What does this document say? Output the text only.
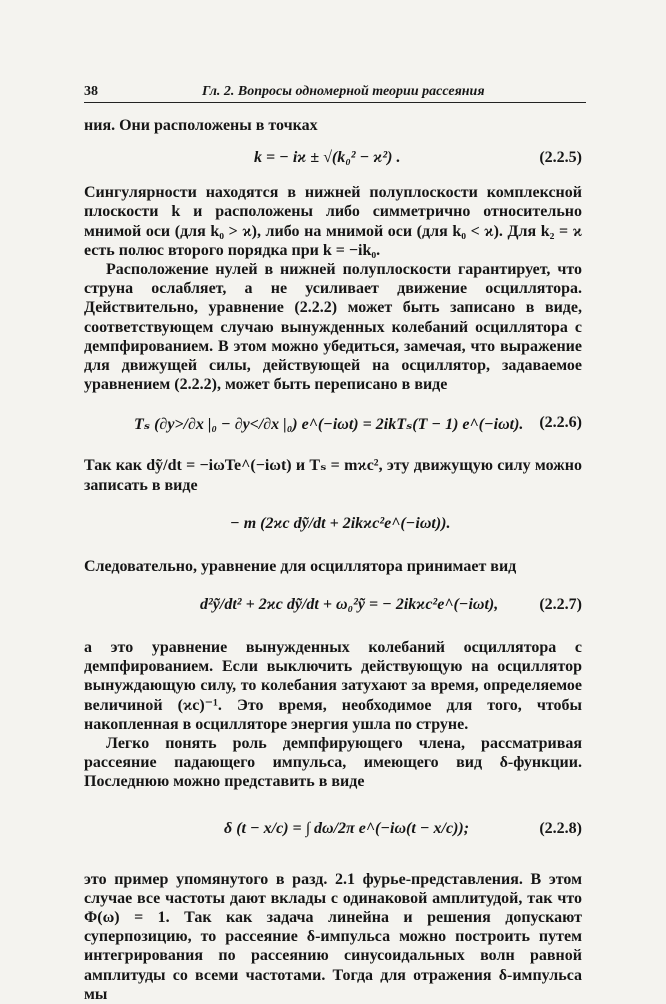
38	Гл. 2. Вопросы одномерной теории рассеяния

ния. Они расположены в точках

k = − iϰ ± √(k₀² − ϰ²) .	(2.2.5)

Сингулярности находятся в нижней полуплоскости комплексной плоскости k и расположены либо симметрично относительно мнимой оси (для k₀ > ϰ), либо на мнимой оси (для k₀ < ϰ). Для k₂ = ϰ есть полюс второго порядка при k = −ik₀.

Расположение нулей в нижней полуплоскости гарантирует, что струна ослабляет, а не усиливает движение осциллятора. Действительно, уравнение (2.2.2) может быть записано в виде, соответствующем случаю вынужденных колебаний осциллятора с демпфированием. В этом можно убедиться, замечая, что выражение для движущей силы, действующей на осциллятор, задаваемое уравнением (2.2.2), может быть переписано в виде

Tₛ (∂y>/∂x |₀ − ∂y</∂x |₀) e^(−iωt) = 2ikTₛ(T − 1) e^(−iωt). (2.2.6)

Так как dỹ/dt = −iωTe^(−iωt) и Tₛ = mϰc², эту движущую силу можно записать в виде

− m (2ϰc dỹ/dt + 2ikϰc²e^(−iωt)).

Следовательно, уравнение для осциллятора принимает вид

d²ỹ/dt² + 2ϰc dỹ/dt + ω₀²ỹ = − 2ikϰc²e^(−iωt),	(2.2.7)

а это уравнение вынужденных колебаний осциллятора с демпфированием. Если выключить действующую на осциллятор вынуждающую силу, то колебания затухают за время, определяемое величиной (ϰc)⁻¹. Это время, необходимое для того, чтобы накопленная в осцилляторе энергия ушла по струне.

Легко понять роль демпфирующего члена, рассматривая рассеяние падающего импульса, имеющего вид δ-функции. Последнюю можно представить в виде

δ (t − x/c) = ∫ dω/2π e^(−iω(t − x/c));	(2.2.8)

это пример упомянутого в разд. 2.1 фурье-представления. В этом случае все частоты дают вклады с одинаковой амплитудой, так что Φ(ω) = 1. Так как задача линейна и решения допускают суперпозицию, то рассеяние δ-импульса можно построить путем интегрирования по рассеянию синусоидальных волн равной амплитуды со всеми частотами. Тогда для отражения δ-импульса мы
